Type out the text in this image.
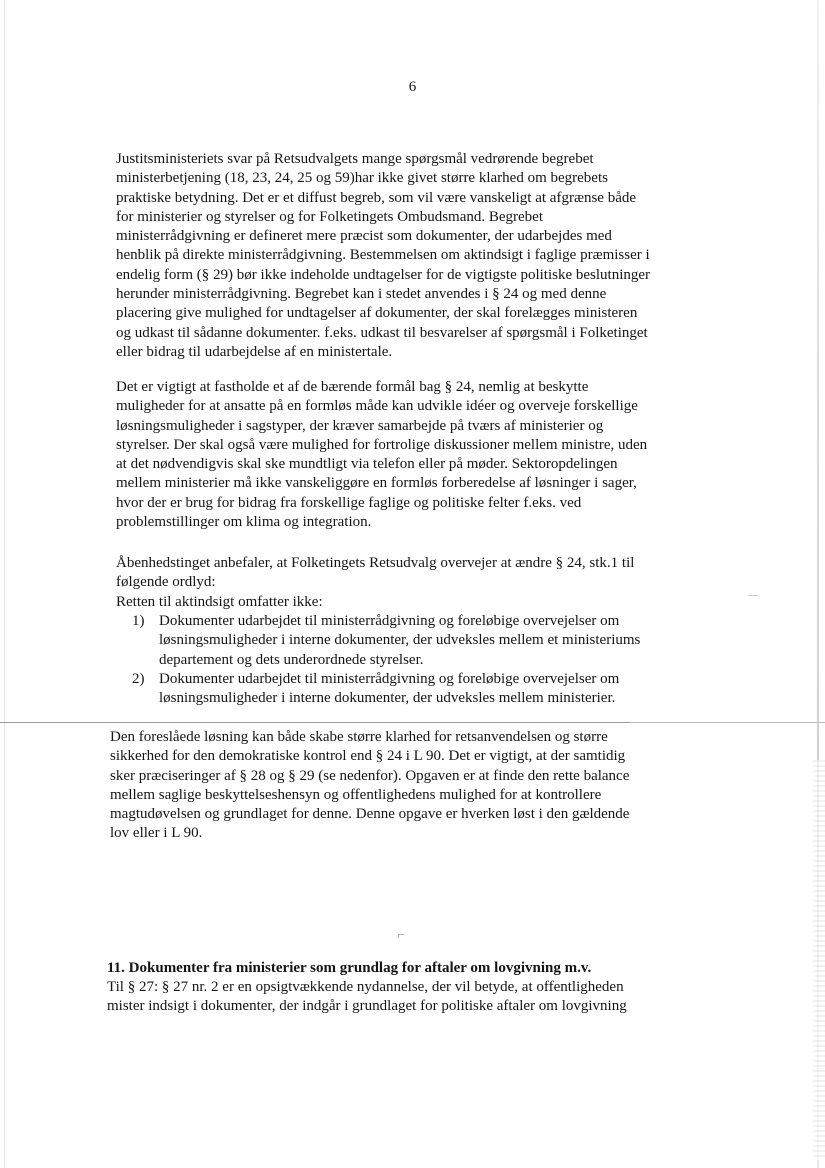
6

Justitsministeriets svar på Retsudvalgets mange spørgsmål vedrørende begrebet
ministerbetjening (18, 23, 24, 25 og 59)har ikke givet større klarhed om begrebets
praktiske betydning. Det er et diffust begreb, som vil være vanskeligt at afgrænse både
for ministerier og styrelser og for Folketingets Ombudsmand. Begrebet
ministerrådgivning er defineret mere præcist som dokumenter, der udarbejdes med
henblik på direkte ministerrådgivning. Bestemmelsen om aktindsigt i faglige præmisser i
endelig form (§ 29) bør ikke indeholde undtagelser for de vigtigste politiske beslutninger
herunder ministerrådgivning. Begrebet kan i stedet anvendes i § 24 og med denne
placering give mulighed for undtagelser af dokumenter, der skal forelægges ministeren
og udkast til sådanne dokumenter. f.eks. udkast til besvarelser af spørgsmål i Folketinget
eller bidrag til udarbejdelse af en ministertale.

Det er vigtigt at fastholde et af de bærende formål bag § 24, nemlig at beskytte
muligheder for at ansatte på en formløs måde kan udvikle idéer og overveje forskellige
løsningsmuligheder i sagstyper, der kræver samarbejde på tværs af ministerier og
styrelser. Der skal også være mulighed for fortrolige diskussioner mellem ministre, uden
at det nødvendigvis skal ske mundtligt via telefon eller på møder. Sektoropdelingen
mellem ministerier må ikke vanskeliggøre en formløs forberedelse af løsninger i sager,
hvor der er brug for bidrag fra forskellige faglige og politiske felter f.eks. ved
problemstillinger om klima og integration.

Åbenhedstinget anbefaler, at Folketingets Retsudvalg overvejer at ændre § 24, stk.1 til
følgende ordlyd:
Retten til aktindsigt omfatter ikke:

1) Dokumenter udarbejdet til ministerrådgivning og foreløbige overvejelser om
løsningsmuligheder i interne dokumenter, der udveksles mellem et ministeriums
departement og dets underordnede styrelser.
2) Dokumenter udarbejdet til ministerrådgivning og foreløbige overvejelser om
løsningsmuligheder i interne dokumenter, der udveksles mellem ministerier.

Den foreslåede løsning kan både skabe større klarhed for retsanvendelsen og større
sikkerhed for den demokratiske kontrol end § 24 i L 90. Det er vigtigt, at der samtidig
sker præciseringer af § 28 og § 29 (se nedenfor). Opgaven er at finde den rette balance
mellem saglige beskyttelseshensyn og offentlighedens mulighed for at kontrollere
magtudøvelsen og grundlaget for denne. Denne opgave er hverken løst i den gældende
lov eller i L 90.

11. Dokumenter fra ministerier som grundlag for aftaler om lovgivning m.v.

Til § 27: § 27 nr. 2 er en opsigtvækkende nydannelse, der vil betyde, at offentligheden
mister indsigt i dokumenter, der indgår i grundlaget for politiske aftaler om lovgivning
